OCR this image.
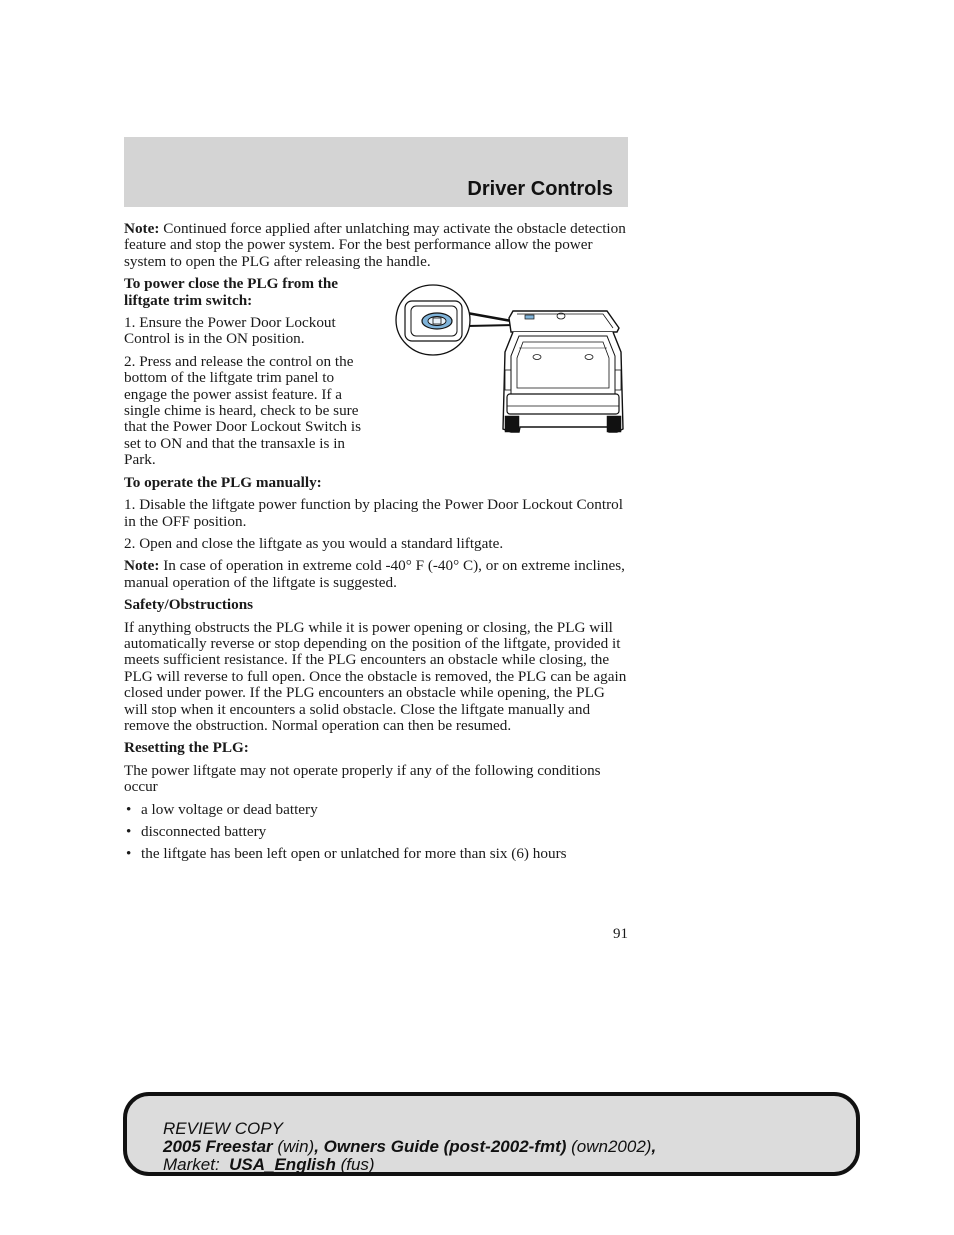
Driver Controls

Note: Continued force applied after unlatching may activate the obstacle detection feature and stop the power system. For the best performance allow the power system to open the PLG after releasing the handle.

To power close the PLG from the liftgate trim switch:

1. Ensure the Power Door Lockout Control is in the ON position.

2. Press and release the control on the bottom of the liftgate trim panel to engage the power assist feature. If a single chime is heard, check to be sure that the Power Door Lockout Switch is set to ON and that the transaxle is in Park.

To operate the PLG manually:

1. Disable the liftgate power function by placing the Power Door Lockout Control in the OFF position.

2. Open and close the liftgate as you would a standard liftgate.

Note: In case of operation in extreme cold -40° F (-40° C), or on extreme inclines, manual operation of the liftgate is suggested.

Safety/Obstructions

If anything obstructs the PLG while it is power opening or closing, the PLG will automatically reverse or stop depending on the position of the liftgate, provided it meets sufficient resistance. If the PLG encounters an obstacle while closing, the PLG will reverse to full open. Once the obstacle is removed, the PLG can be again closed under power. If the PLG encounters an obstacle while opening, the PLG will stop when it encounters a solid obstacle. Close the liftgate manually and remove the obstruction. Normal operation can then be resumed.

Resetting the PLG:

The power liftgate may not operate properly if any of the following conditions occur

• a low voltage or dead battery
• disconnected battery
• the liftgate has been left open or unlatched for more than six (6) hours
91
REVIEW COPY
2005 Freestar (win), Owners Guide (post-2002-fmt) (own2002),
Market:  USA_English (fus)
